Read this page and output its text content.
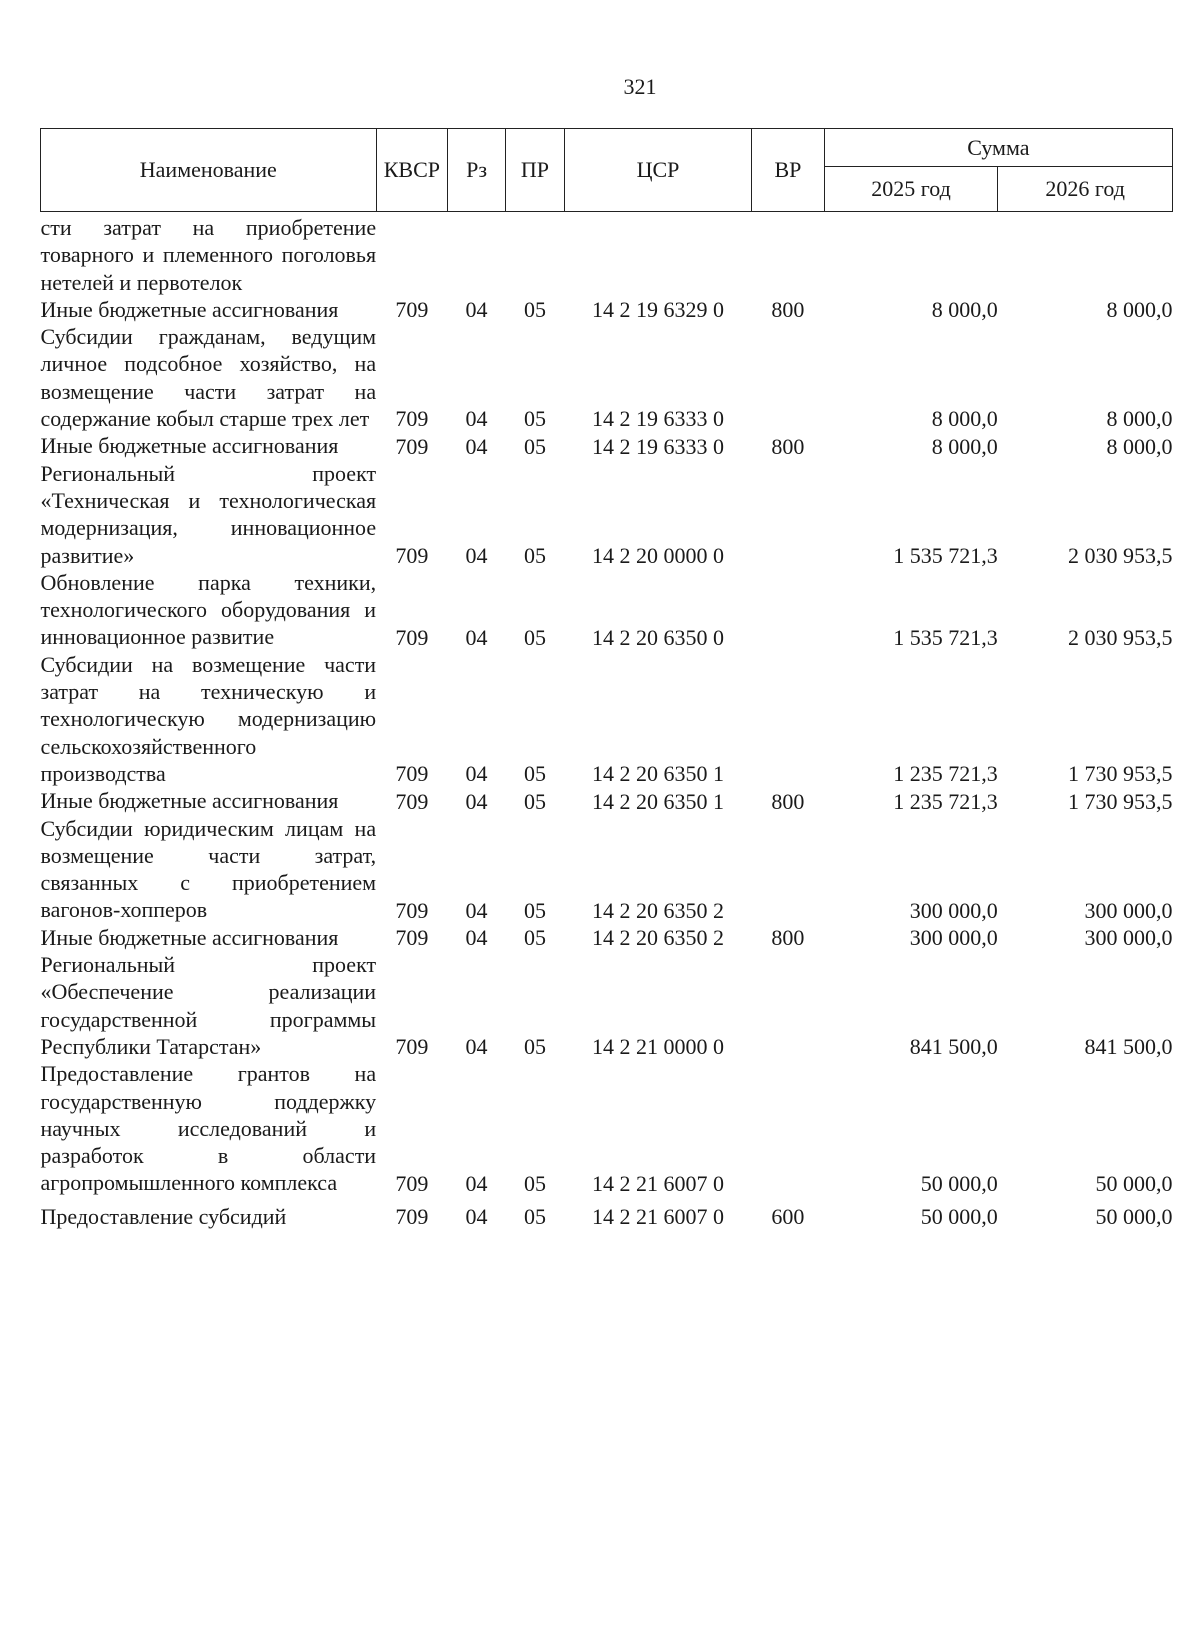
321
Наименование	КВСР	Рз	ПР	ЦСР	ВР	Сумма	
						2025 год	2026 год
сти затрат на приобретение товарного и племенного поголовья нетелей и первотелок							
Иные бюджетные ассигнования	709	04	05	14 2 19 6329 0	800	8 000,0	8 000,0
Субсидии гражданам, ведущим личное подсобное хозяйство, на возмещение части затрат на содержание кобыл старше трех лет	709	04	05	14 2 19 6333 0		8 000,0	8 000,0
Иные бюджетные ассигнования	709	04	05	14 2 19 6333 0	800	8 000,0	8 000,0
Региональный проект «Техническая и технологическая модернизация, инновационное развитие»	709	04	05	14 2 20 0000 0		1 535 721,3	2 030 953,5
Обновление парка техники, технологического оборудования и инновационное развитие	709	04	05	14 2 20 6350 0		1 535 721,3	2 030 953,5
Субсидии на возмещение части затрат на техническую и технологическую модернизацию сельскохозяйственного производства	709	04	05	14 2 20 6350 1		1 235 721,3	1 730 953,5
Иные бюджетные ассигнования	709	04	05	14 2 20 6350 1	800	1 235 721,3	1 730 953,5
Субсидии юридическим лицам на возмещение части затрат, связанных с приобретением вагонов-хопперов	709	04	05	14 2 20 6350 2		300 000,0	300 000,0
Иные бюджетные ассигнования	709	04	05	14 2 20 6350 2	800	300 000,0	300 000,0
Региональный проект «Обеспечение реализации государственной программы Республики Татарстан»	709	04	05	14 2 21 0000 0		841 500,0	841 500,0
Предоставление грантов на государственную поддержку научных исследований и разработок в области агропромышленного комплекса	709	04	05	14 2 21 6007 0		50 000,0	50 000,0
Предоставление субсидий	709	04	05	14 2 21 6007 0	600	50 000,0	50 000,0
